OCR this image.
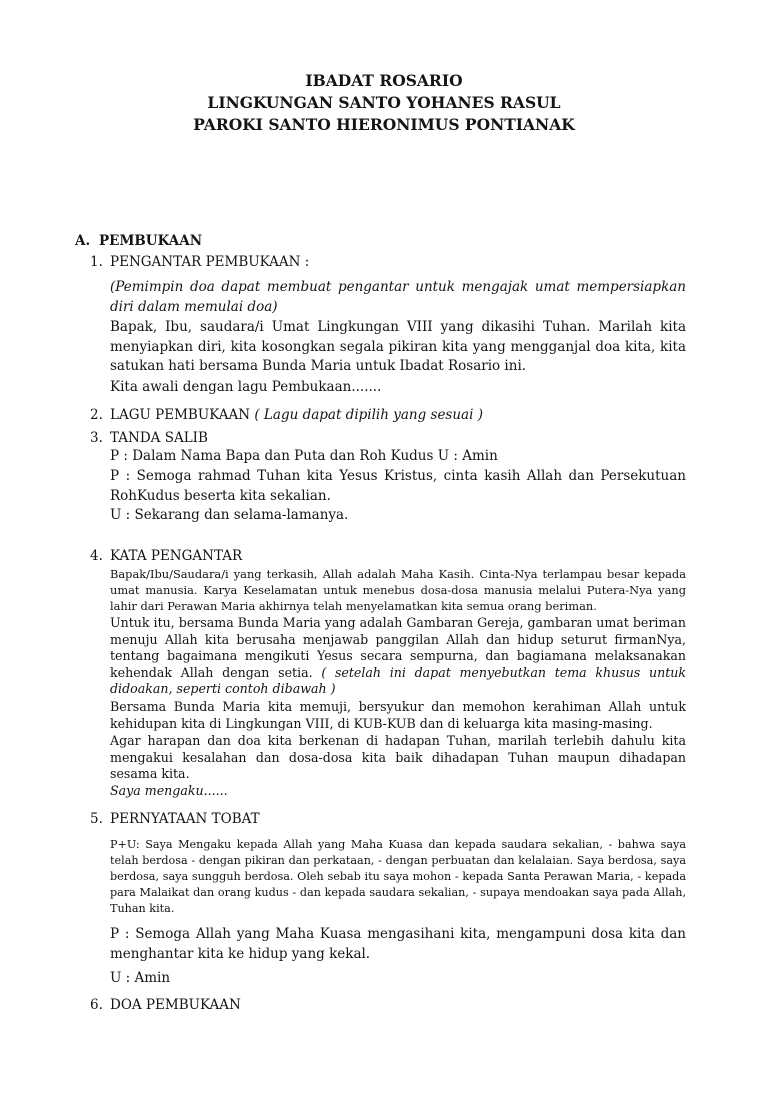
IBADAT ROSARIO
LINGKUNGAN SANTO YOHANES RASUL
PAROKI SANTO HIERONIMUS PONTIANAK
A. PEMBUKAAN
1. PENGANTAR PEMBUKAAN :
(Pemimpin doa dapat membuat pengantar untuk mengajak umat mempersiapkan diri dalam memulai doa)
Bapak, Ibu, saudara/i Umat Lingkungan VIII yang dikasihi Tuhan. Marilah kita menyiapkan diri, kita kosongkan segala pikiran kita yang mengganjal doa kita, kita satukan hati bersama Bunda Maria untuk Ibadat Rosario ini.
Kita awali dengan lagu Pembukaan.......
2. LAGU PEMBUKAAN ( Lagu dapat dipilih yang sesuai )
3. TANDA SALIB
P : Dalam Nama Bapa dan Puta dan Roh Kudus U : Amin
P : Semoga rahmad Tuhan kita Yesus Kristus, cinta kasih Allah dan Persekutuan RohKudus beserta kita sekalian.
U : Sekarang dan selama-lamanya.
4. KATA PENGANTAR
Bapak/Ibu/Saudara/i yang terkasih, Allah adalah Maha Kasih. Cinta-Nya terlampau besar kepada umat manusia. Karya Keselamatan untuk menebus dosa-dosa manusia melalui Putera-Nya yang lahir dari Perawan Maria akhirnya telah menyelamatkan kita semua orang beriman.
Untuk itu, bersama Bunda Maria yang adalah Gambaran Gereja, gambaran umat beriman menuju Allah kita berusaha menjawab panggilan Allah dan hidup seturut firmanNya, tentang bagaimana mengikuti Yesus secara sempurna, dan bagiamana melaksanakan kehendak Allah dengan setia. ( setelah ini dapat menyebutkan tema khusus untuk didoakan, seperti contoh dibawah )
Bersama Bunda Maria kita memuji, bersyukur dan memohon kerahiman Allah untuk kehidupan kita di Lingkungan VIII, di KUB-KUB dan di keluarga kita masing-masing.
Agar harapan dan doa kita berkenan di hadapan Tuhan, marilah terlebih dahulu kita mengakui kesalahan dan dosa-dosa kita baik dihadapan Tuhan maupun dihadapan sesama kita.
Saya mengaku......
5. PERNYATAAN TOBAT
P+U: Saya Mengaku kepada Allah yang Maha Kuasa dan kepada saudara sekalian, - bahwa saya telah berdosa - dengan pikiran dan perkataan, - dengan perbuatan dan kelalaian. Saya berdosa, saya berdosa, saya sungguh berdosa. Oleh sebab itu saya mohon - kepada Santa Perawan Maria, - kepada para Malaikat dan orang kudus - dan kepada saudara sekalian, - supaya mendoakan saya pada Allah, Tuhan kita.
P : Semoga Allah yang Maha Kuasa mengasihani kita, mengampuni dosa kita dan menghantar kita ke hidup yang kekal.
U : Amin
6. DOA PEMBUKAAN
